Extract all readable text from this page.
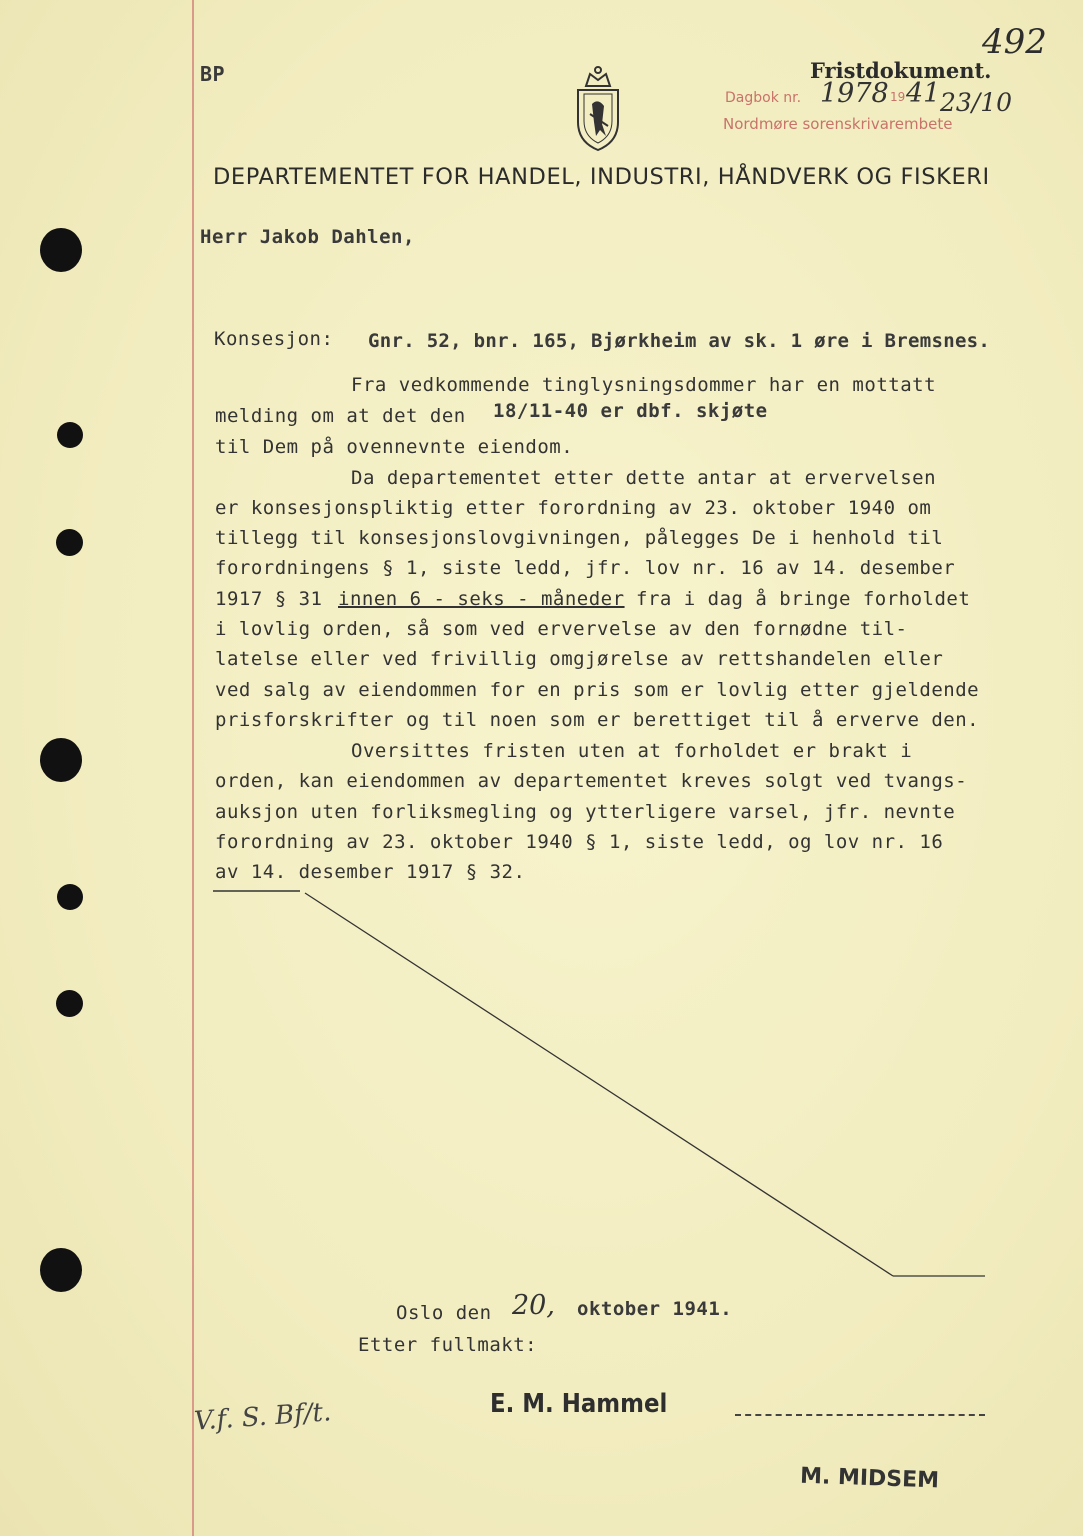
BP
492
Fristdokument.
Dagbok nr. 1978 19 41 23/10
Nordmøre sorenskrivarembete
DEPARTEMENTET FOR HANDEL, INDUSTRI, HÅNDVERK OG FISKERI
Herr Jakob Dahlen,
Konsesjon: Gnr. 52, bnr. 165, Bjørkheim av sk. 1 øre i Bremsnes.
Fra vedkommende tinglysningsdommer har en mottatt
melding om at det den 18/11-40 er dbf. skjøte
til Dem på ovennevnte eiendom.
Da departementet etter dette antar at ervervelsen
er konsesjonspliktig etter forordning av 23. oktober 1940 om
tillegg til konsesjonslovgivningen, pålegges De i henhold til
forordningens § 1, siste ledd, jfr. lov nr. 16 av 14. desember
1917 § 31 innen 6 - seks - måneder fra i dag å bringe forholdet
i lovlig orden, så som ved ervervelse av den fornødne til-
latelse eller ved frivillig omgjørelse av rettshandelen eller
ved salg av eiendommen for en pris som er lovlig etter gjeldende
prisforskrifter og til noen som er berettiget til å erverve den.
Oversittes fristen uten at forholdet er brakt i
orden, kan eiendommen av departementet kreves solgt ved tvangs-
auksjon uten forliksmegling og ytterligere varsel, jfr. nevnte
forordning av 23. oktober 1940 § 1, siste ledd, og lov nr. 16
av 14. desember 1917 § 32.
Oslo den 20, oktober 1941.
Etter fullmakt:
V.f. S. Bf/t.	E. M. Hammel
M. MIDSEM
